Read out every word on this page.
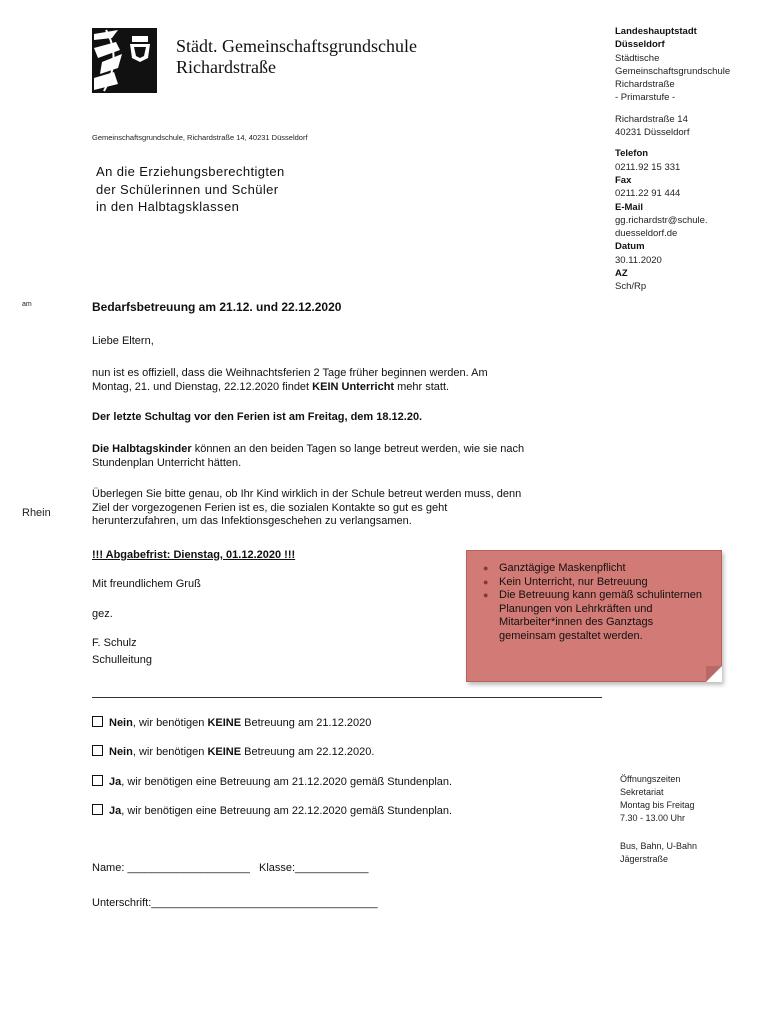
Städt. Gemeinschaftsgrundschule
Richardstraße
Gemeinschaftsgrundschule, Richardstraße 14, 40231 Düsseldorf
An die Erziehungsberechtigten
der Schülerinnen und Schüler
in den Halbtagsklassen
Landeshauptstadt
Düsseldorf
Städtische
Gemeinschaftsgrundschule
Richardstraße
- Primarstufe -
Richardstraße 14
40231 Düsseldorf
Telefon
0211.92 15 331
Fax
0211.22 91 444
E-Mail
gg.richardstr@schule.
duesseldorf.de
Datum
30.11.2020
AZ
Sch/Rp
am
Rhein
Bedarfsbetreuung am 21.12. und 22.12.2020
Liebe Eltern,
nun ist es offiziell, dass die Weihnachtsferien 2 Tage früher beginnen werden. Am
Montag, 21. und Dienstag, 22.12.2020 findet KEIN Unterricht mehr statt.
Der letzte Schultag vor den Ferien ist am Freitag, dem 18.12.20.
Die Halbtagskinder können an den beiden Tagen so lange betreut werden, wie sie nach
Stundenplan Unterricht hätten.
Überlegen Sie bitte genau, ob Ihr Kind wirklich in der Schule betreut werden muss, denn
Ziel der vorgezogenen Ferien ist es, die sozialen Kontakte so gut es geht
herunterzufahren, um das Infektionsgeschehen zu verlangsamen.
!!! Abgabefrist: Dienstag, 01.12.2020 !!!
Mit freundlichem Gruß
gez.
F. Schulz
Schulleitung
● Ganztägige Maskenpflicht
● Kein Unterricht, nur Betreuung
● Die Betreuung kann gemäß schulinternen Planungen von Lehrkräften und Mitarbeiter*innen des Ganztags gemeinsam gestaltet werden.
Nein, wir benötigen KEINE Betreuung am 21.12.2020
Nein, wir benötigen KEINE Betreuung am 22.12.2020.
Ja, wir benötigen eine Betreuung am 21.12.2020 gemäß Stundenplan.
Ja, wir benötigen eine Betreuung am 22.12.2020 gemäß Stundenplan.
Öffnungszeiten
Sekretariat
Montag bis Freitag
7.30 - 13.00 Uhr
Bus, Bahn, U-Bahn
Jägerstraße
Name: ____________________ Klasse:____________
Unterschrift:_____________________________________
